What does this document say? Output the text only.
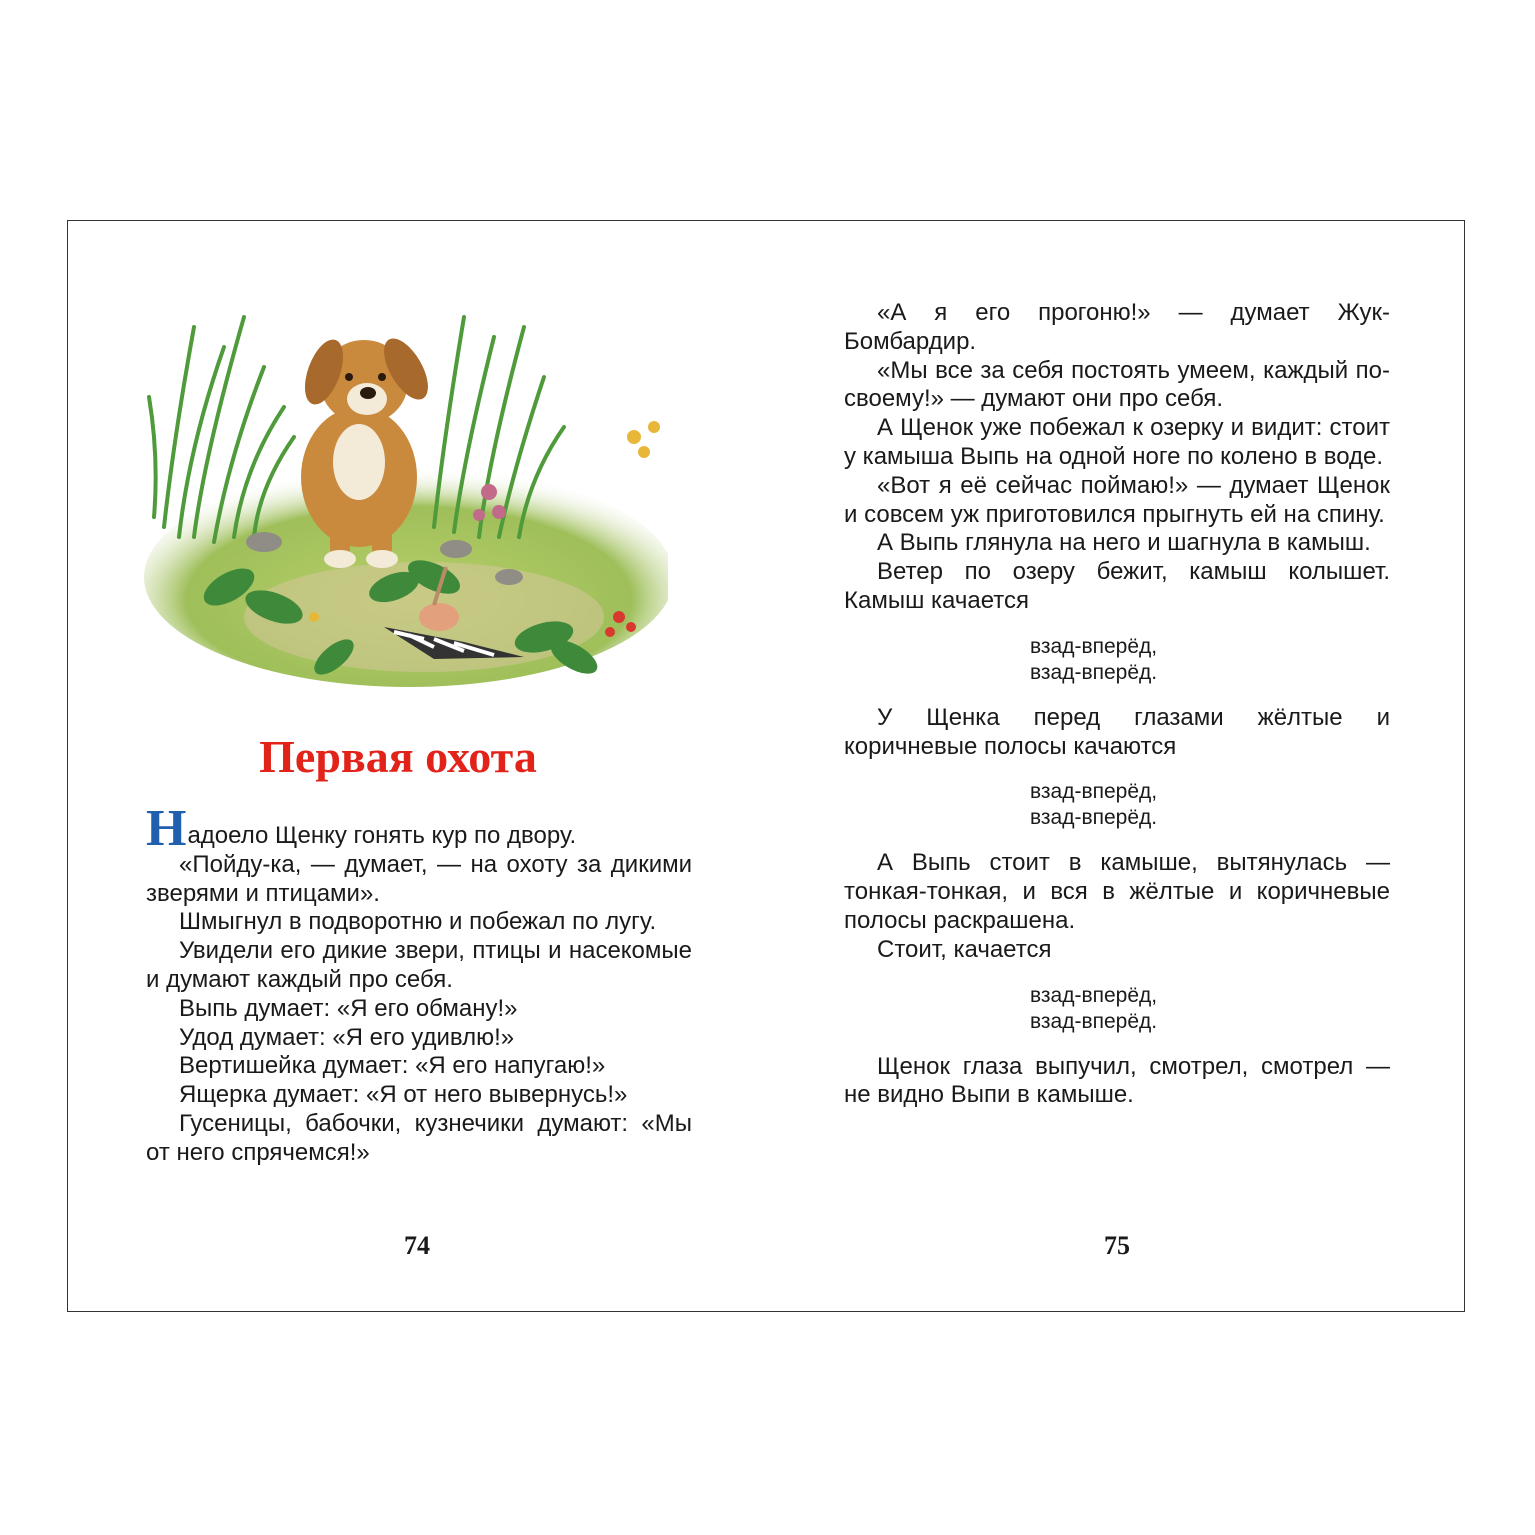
Первая охота

Надоело Щенку гонять кур по двору.

«Пойду-ка, — думает, — на охоту за дикими зверями и птицами».

Шмыгнул в подворотню и побежал по лугу.

Увидели его дикие звери, птицы и насекомые и думают каждый про себя.

Выпь думает: «Я его обману!»

Удод думает: «Я его удивлю!»

Вертишейка думает: «Я его напугаю!»

Ящерка думает: «Я от него вывернусь!»

Гусеницы, бабочки, кузнечики думают: «Мы от него спрячемся!»

«А я его прогоню!» — думает Жук-Бомбардир.

«Мы все за себя постоять умеем, каждый по-своему!» — думают они про себя.

А Щенок уже побежал к озерку и видит: стоит у камыша Выпь на одной ноге по колено в воде.

«Вот я её сейчас поймаю!» — думает Щенок и совсем уж приготовился прыгнуть ей на спину.

А Выпь глянула на него и шагнула в камыш.

Ветер по озеру бежит, камыш колышет. Камыш качается

взад-вперёд,
взад-вперёд.

У Щенка перед глазами жёлтые и коричневые полосы качаются

взад-вперёд,
взад-вперёд.

А Выпь стоит в камыше, вытянулась — тонкая-тонкая, и вся в жёлтые и коричневые полосы раскрашена.

Стоит, качается

взад-вперёд,
взад-вперёд.

Щенок глаза выпучил, смотрел, смотрел — не видно Выпи в камыше.

74	75
